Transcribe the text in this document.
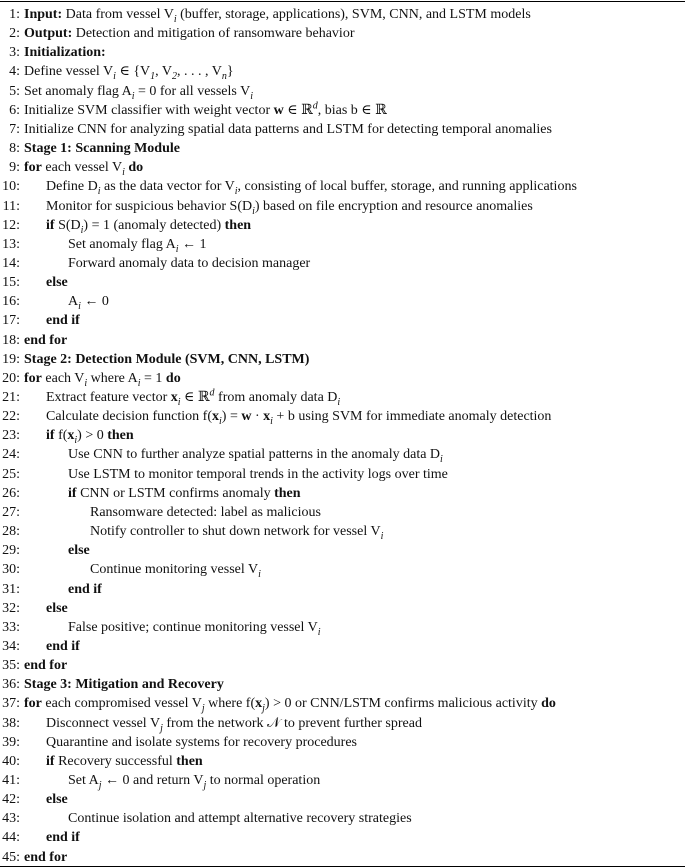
1: Input: Data from vessel $V_i$ (buffer, storage, applications), SVM, CNN, and LSTM models
2: Output: Detection and mitigation of ransomware behavior
3: Initialization:
4: Define vessel $V_i$ ∈ {$V_1$, $V_2$, . . . , $V_n$}
5: Set anomaly flag $A_i = 0$ for all vessels $V_i$
6: Initialize SVM classifier with weight vector w ∈ ℝ$^d$, bias b ∈ ℝ
7: Initialize CNN for analyzing spatial data patterns and LSTM for detecting temporal anomalies
8: Stage 1: Scanning Module
9: for each vessel $V_i$ do
10: Define $D_i$ as the data vector for $V_i$, consisting of local buffer, storage, and running applications
11: Monitor for suspicious behavior $S(D_i)$ based on file encryption and resource anomalies
12: if $S(D_i) = 1$ (anomaly detected) then
13:	Set anomaly flag $A_i$ ← 1
14:	Forward anomaly data to decision manager
15: else
16:	$A_i$ ← 0
17: end if
18: end for
19: Stage 2: Detection Module (SVM, CNN, LSTM)
20: for each $V_i$ where $A_i = 1$ do
21: Extract feature vector $x_i$ ∈ ℝ$^d$ from anomaly data $D_i$
22: Calculate decision function $f(x_i) = w \cdot x_i + b$ using SVM for immediate anomaly detection
23: if $f(x_i) > 0$ then
24:	Use CNN to further analyze spatial patterns in the anomaly data $D_i$
25:	Use LSTM to monitor temporal trends in the activity logs over time
26:	if CNN or LSTM confirms anomaly then
27:	Ransomware detected: label as malicious
28:	Notify controller to shut down network for vessel $V_i$
29:	else
30:	Continue monitoring vessel $V_i$
31:	end if
32: else
33:	False positive; continue monitoring vessel $V_i$
34: end if
35: end for
36: Stage 3: Mitigation and Recovery
37: for each compromised vessel $V_j$ where $f(x_j) > 0$ or CNN/LSTM confirms malicious activity do
38: Disconnect vessel $V_j$ from the network 𝒩 to prevent further spread
39: Quarantine and isolate systems for recovery procedures
40: if Recovery successful then
41:	Set $A_j$ ← 0 and return $V_j$ to normal operation
42: else
43:	Continue isolation and attempt alternative recovery strategies
44: end if
45: end for
